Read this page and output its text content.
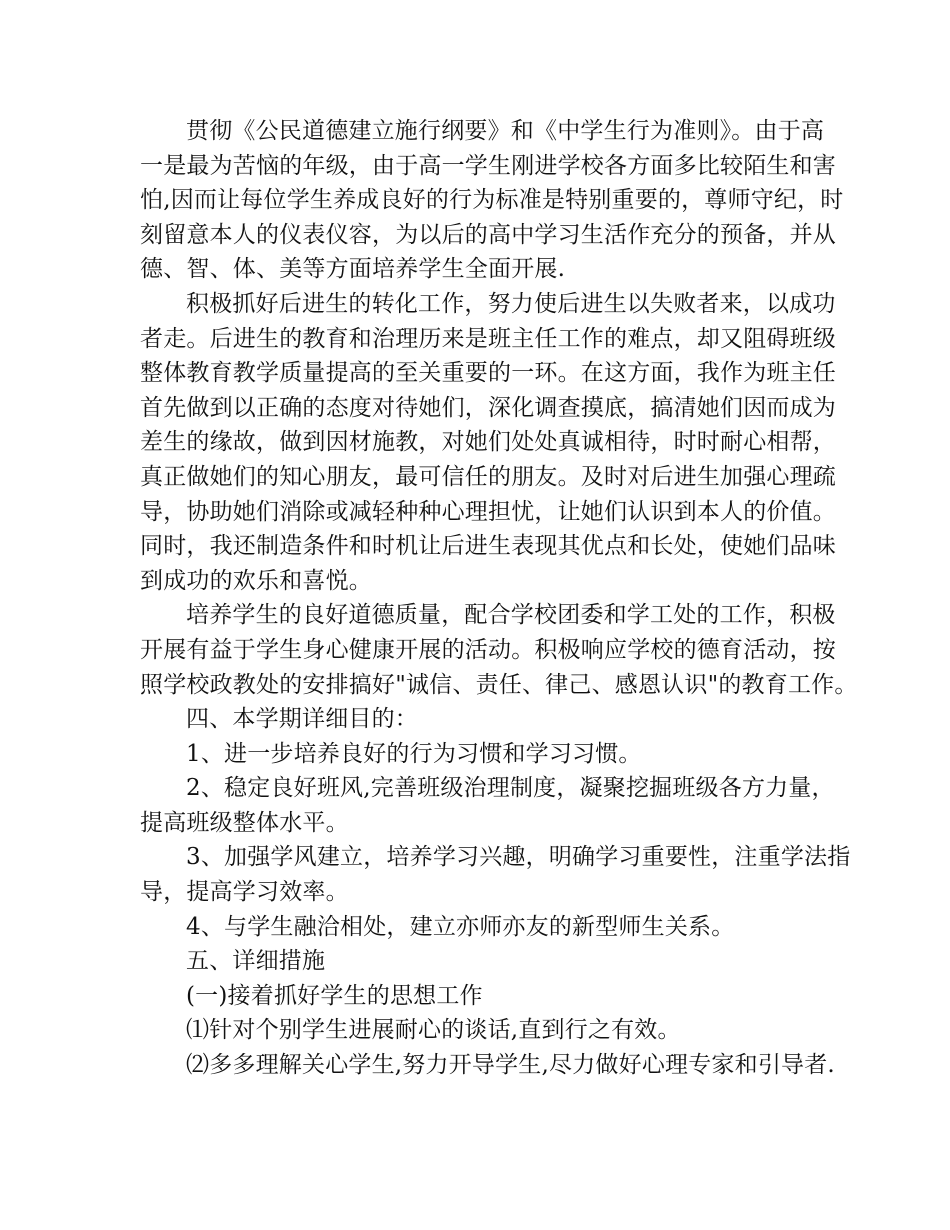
贯彻《公民道德建立施行纲要》和《中学生行为准则》。由于高
一是最为苦恼的年级，由于高一学生刚进学校各方面多比较陌生和害
怕,因而让每位学生养成良好的行为标准是特别重要的，尊师守纪，时
刻留意本人的仪表仪容，为以后的高中学习生活作充分的预备，并从
德、智、体、美等方面培养学生全面开展.
积极抓好后进生的转化工作，努力使后进生以失败者来，以成功
者走。后进生的教育和治理历来是班主任工作的难点，却又阻碍班级
整体教育教学质量提高的至关重要的一环。在这方面，我作为班主任
首先做到以正确的态度对待她们，深化调查摸底，搞清她们因而成为
差生的缘故，做到因材施教，对她们处处真诚相待，时时耐心相帮，
真正做她们的知心朋友，最可信任的朋友。及时对后进生加强心理疏
导，协助她们消除或减轻种种心理担忧，让她们认识到本人的价值。
同时，我还制造条件和时机让后进生表现其优点和长处，使她们品味
到成功的欢乐和喜悦。
培养学生的良好道德质量，配合学校团委和学工处的工作，积极
开展有益于学生身心健康开展的活动。积极响应学校的德育活动，按
照学校政教处的安排搞好"诚信、责任、律己、感恩认识"的教育工作。
四、本学期详细目的：
1、进一步培养良好的行为习惯和学习习惯。
2、稳定良好班风,完善班级治理制度，凝聚挖掘班级各方力量，
提高班级整体水平。
3、加强学风建立，培养学习兴趣，明确学习重要性，注重学法指
导，提高学习效率。
4、与学生融洽相处，建立亦师亦友的新型师生关系。
五、详细措施
(一)接着抓好学生的思想工作
⑴针对个别学生进展耐心的谈话,直到行之有效。
⑵多多理解关心学生,努力开导学生,尽力做好心理专家和引导者.
